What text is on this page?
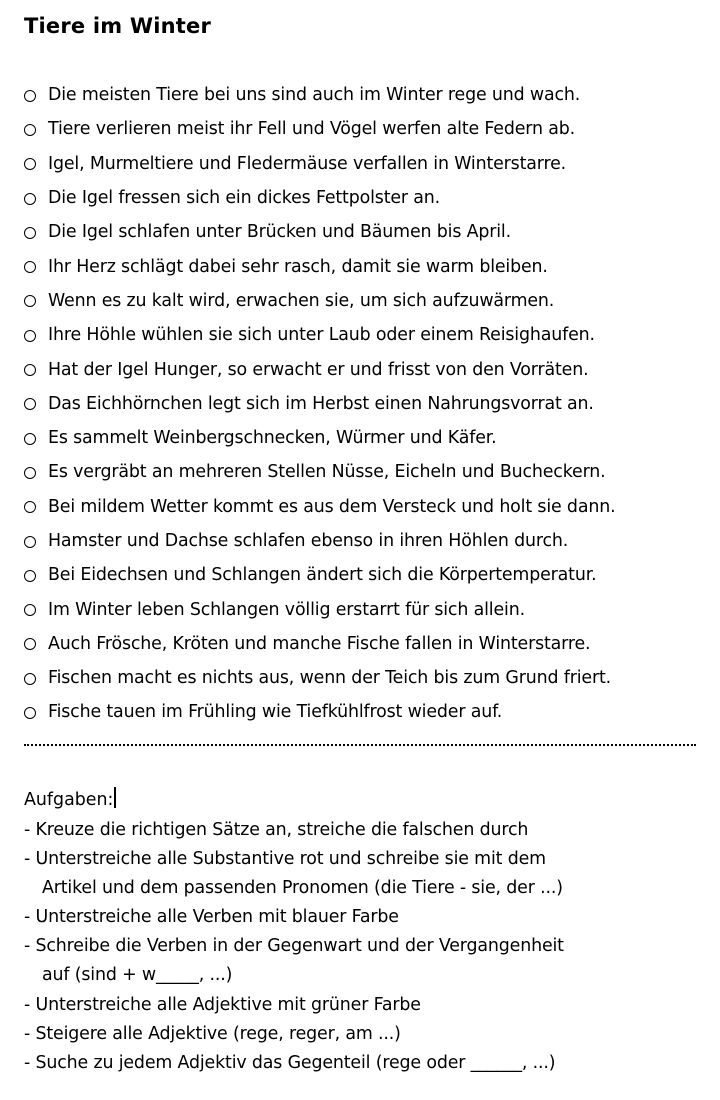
Tiere im Winter
Die meisten Tiere bei uns sind auch im Winter rege und wach.
Tiere verlieren meist ihr Fell und Vögel werfen alte Federn ab.
Igel, Murmeltiere und Fledermäuse verfallen in Winterstarre.
Die Igel fressen sich ein dickes Fettpolster an.
Die Igel schlafen unter Brücken und Bäumen bis April.
Ihr Herz schlägt dabei sehr rasch, damit sie warm bleiben.
Wenn es zu kalt wird, erwachen sie, um sich aufzuwärmen.
Ihre Höhle wühlen sie sich unter Laub oder einem Reisighaufen.
Hat der Igel Hunger, so erwacht er und frisst von den Vorräten.
Das Eichhörnchen legt sich im Herbst einen Nahrungsvorrat an.
Es sammelt Weinbergschnecken, Würmer und Käfer.
Es vergräbt an mehreren Stellen Nüsse, Eicheln und Bucheckern.
Bei mildem Wetter kommt es aus dem Versteck und holt sie dann.
Hamster und Dachse schlafen ebenso in ihren Höhlen durch.
Bei Eidechsen und Schlangen ändert sich die Körpertemperatur.
Im Winter leben Schlangen völlig erstarrt für sich allein.
Auch Frösche, Kröten und manche Fische fallen in Winterstarre.
Fischen macht es nichts aus, wenn der Teich bis zum Grund friert.
Fische tauen im Frühling wie Tiefkühlfrost wieder auf.
Aufgaben:
- Kreuze die richtigen Sätze an, streiche die falschen durch
- Unterstreiche alle Substantive rot und schreibe sie mit dem
Artikel und dem passenden Pronomen (die Tiere - sie, der ...)
- Unterstreiche alle Verben mit blauer Farbe
- Schreibe die Verben in der Gegenwart und der Vergangenheit
auf (sind + w_____, ...)
- Unterstreiche alle Adjektive mit grüner Farbe
- Steigere alle Adjektive (rege, reger, am ...)
- Suche zu jedem Adjektiv das Gegenteil (rege oder ______, ...)
